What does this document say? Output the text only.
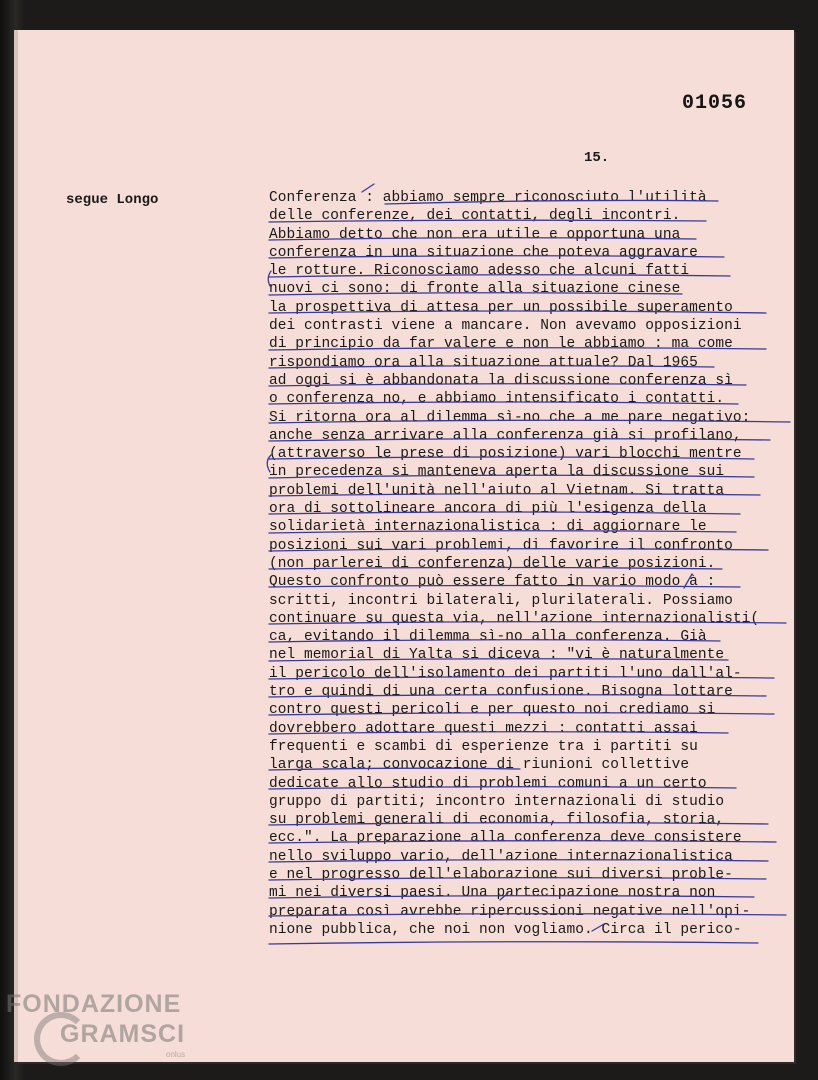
01056
15.
segue Longo	Conferenza : abbiamo sempre riconosciuto l'utilità
delle conferenze, dei contatti, degli incontri.
Abbiamo detto che non era utile e opportuna una
conferenza in una situazione che poteva aggravare
le rotture. Riconosciamo adesso che alcuni fatti
nuovi ci sono: di fronte alla situazione cinese
la prospettiva di attesa per un possibile superamento
dei contrasti viene a mancare. Non avevamo opposizioni
di principio da far valere e non le abbiamo : ma come
rispondiamo ora alla situazione attuale? Dal 1965
ad oggi si è abbandonata la discussione conferenza sì
o conferenza no, e abbiamo intensificato i contatti.
Si ritorna ora al dilemma sì-no che a me pare negativo:
anche senza arrivare alla conferenza già si profilano,
(attraverso le prese di posizione) vari blocchi mentre
in precedenza si manteneva aperta la discussione sui
problemi dell'unità nell'aiuto al Vietnam. Si tratta
ora di sottolineare ancora di più l'esigenza della
solidarietà internazionalistica : di aggiornare le
posizioni sui vari problemi, di favorire il confronto
(non parlerei di conferenza) delle varie posizioni.
Questo confronto può essere fatto in vario modo à :
scritti, incontri bilaterali, plurilaterali. Possiamo
continuare su questa via, nell'azione internazionalisti(
ca, evitando il dilemma sì-no alla conferenza. Già
nel memorial di Yalta si diceva : "vi è naturalmente
il pericolo dell'isolamento dei partiti l'uno dall'al-
tro e quindi di una certa confusione. Bisogna lottare
contro questi pericoli e per questo noi crediamo si
dovrebbero adottare questi mezzi : contatti assai
frequenti e scambi di esperienze tra i partiti su
larga scala; convocazione di riunioni collettive
dedicate allo studio di problemi comuni a un certo
gruppo di partiti; incontro internazionali di studio
su problemi generali di economia, filosofia, storia,
ecc.". La preparazione alla conferenza deve consistere
nello sviluppo vario, dell'azione internazionalistica
e nel progresso dell'elaborazione sui diversi proble-
mi nei diversi paesi. Una partecipazione nostra non
preparata così avrebbe ripercussioni negative nell'opi-
nione pubblica, che noi non vogliamo. Circa il perico-
FONDAZIONE
GRAMSCI
onlus
